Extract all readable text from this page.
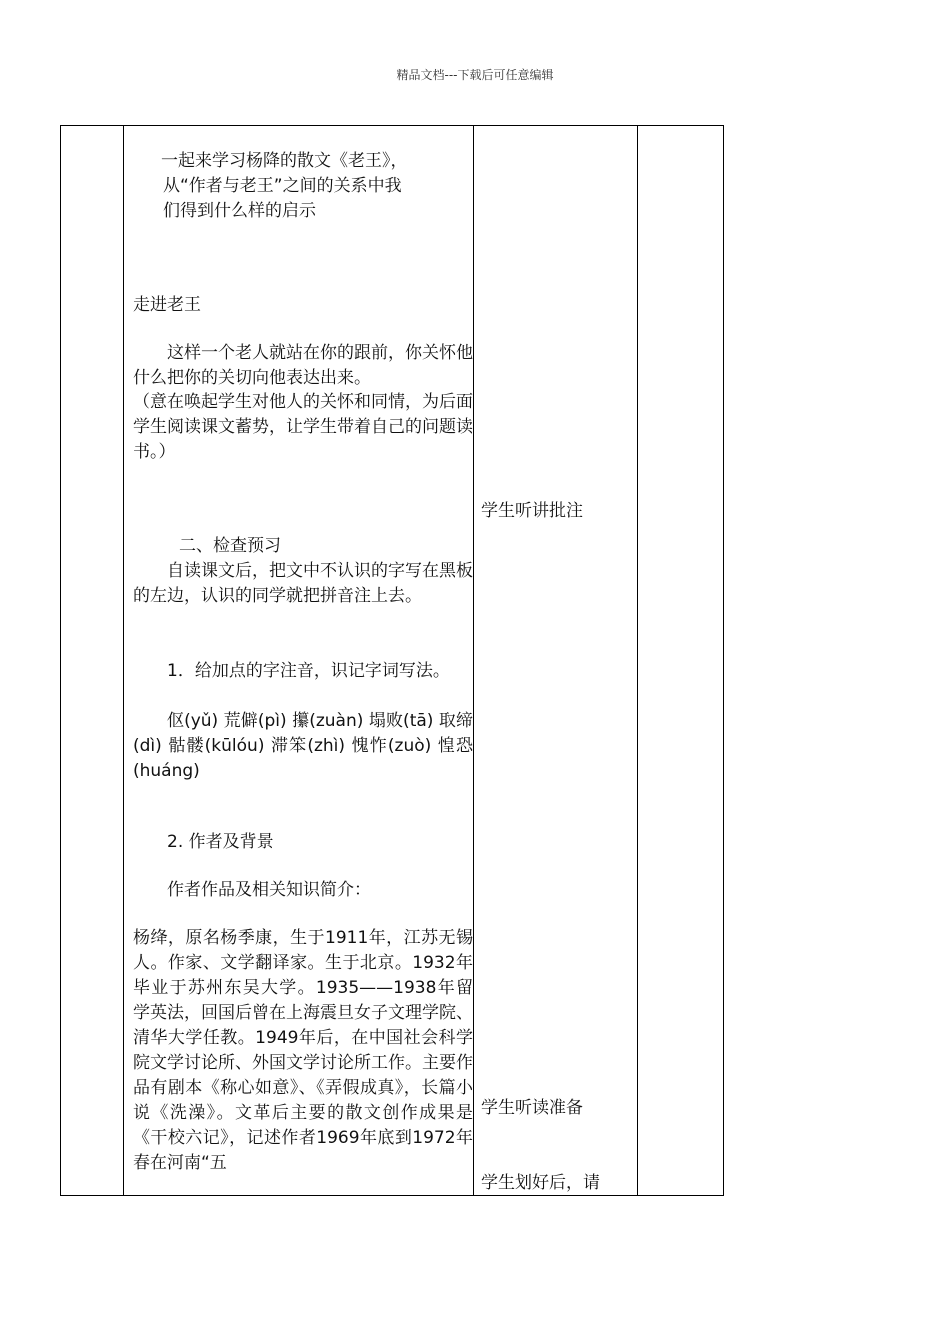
精品文档---下载后可任意编辑

一起来学习杨降的散文《老王》，

从“作者与老王”之间的关系中我

们得到什么样的启示

走进老王

这样一个老人就站在你的跟前，你关怀他什么把你的关切向他表达出来。

（意在唤起学生对他人的关怀和同情，为后面学生阅读课文蓄势，让学生带着自己的问题读书。）

二、检查预习

自读课文后，把文中不认识的字写在黑板的左边，认识的同学就把拼音注上去。

1．给加点的字注音，识记字词写法。

伛(yǔ) 荒僻(pì) 攥(zuàn) 塌败(tā) 取缔(dì) 骷髅(kūlóu) 滞笨(zhì) 愧怍(zuò) 惶恐(huáng)

2. 作者及背景

作者作品及相关知识简介：

杨绛，原名杨季康，生于1911年，江苏无锡人。作家、文学翻译家。生于北京。1932年毕业于苏州东吴大学。1935——1938年留学英法，回国后曾在上海震旦女子文理学院、清华大学任教。1949年后，在中国社会科学院文学讨论所、外国文学讨论所工作。主要作品有剧本《称心如意》、《弄假成真》，长篇小说《洗澡》。文革后主要的散文创作成果是《干校六记》，记述作者1969年底到1972年春在河南“五

学生听讲批注

学生听读准备

学生划好后，请
